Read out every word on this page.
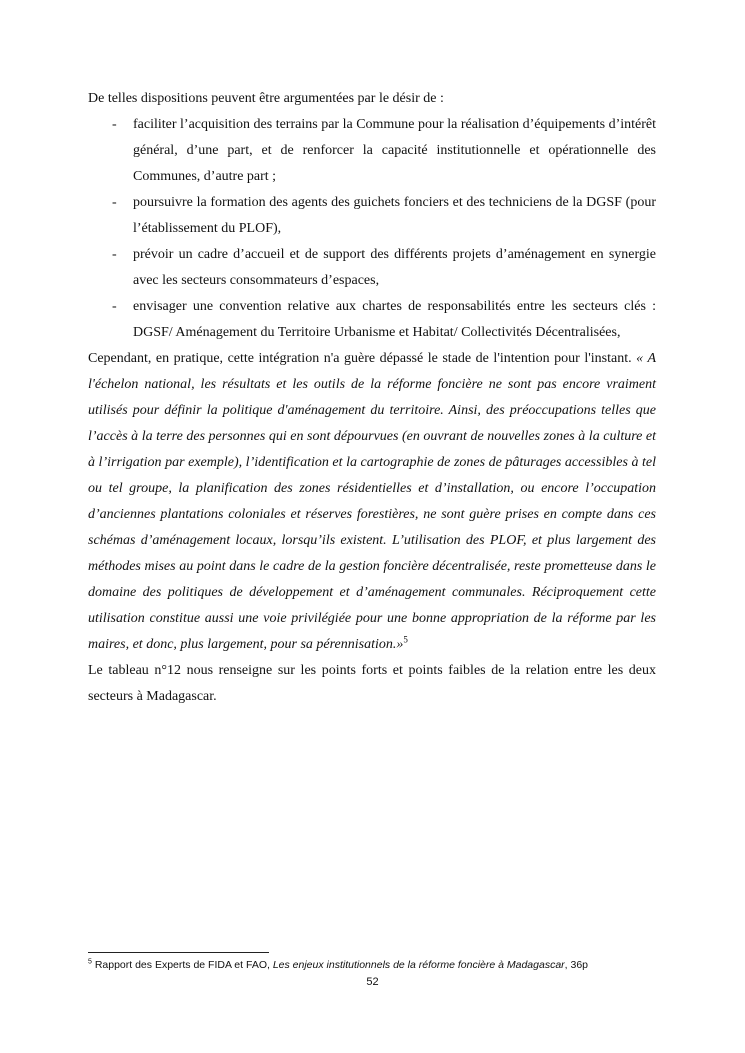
De telles dispositions peuvent être argumentées par le désir de :

- faciliter l’acquisition des terrains par la Commune pour la réalisation d’équipements d’intérêt général, d’une part, et de renforcer la capacité institutionnelle et opérationnelle des Communes, d’autre part ;
- poursuivre la formation des agents des guichets fonciers et des techniciens de la DGSF (pour l’établissement du PLOF),
- prévoir un cadre d’accueil et de support des différents projets d’aménagement en synergie avec les secteurs consommateurs d’espaces,
- envisager une convention relative aux chartes de responsabilités entre les secteurs clés : DGSF/ Aménagement du Territoire Urbanisme et Habitat/ Collectivités Décentralisées,

Cependant, en pratique, cette intégration n'a guère dépassé le stade de l'intention pour l'instant. « A l'échelon national, les résultats et les outils de la réforme foncière ne sont pas encore vraiment utilisés pour définir la politique d'aménagement du territoire. Ainsi, des préoccupations telles que l’accès à la terre des personnes qui en sont dépourvues (en ouvrant de nouvelles zones à la culture et à l’irrigation par exemple), l’identification et la cartographie de zones de pâturages accessibles à tel ou tel groupe, la planification des zones résidentielles et d’installation, ou encore l’occupation d’anciennes plantations coloniales et réserves forestières, ne sont guère prises en compte dans ces schémas d’aménagement locaux, lorsqu’ils existent. L’utilisation des PLOF, et plus largement des méthodes mises au point dans le cadre de la gestion foncière décentralisée, reste prometteuse dans le domaine des politiques de développement et d’aménagement communales. Réciproquement cette utilisation constitue aussi une voie privilégiée pour une bonne appropriation de la réforme par les maires, et donc, plus largement, pour sa pérennisation.»$^5$

Le tableau n°12 nous renseigne sur les points forts et points faibles de la relation entre les deux secteurs à Madagascar.

$^5$ Rapport des Experts de FIDA et FAO, Les enjeux institutionnels de la réforme foncière à Madagascar, 36p
52
